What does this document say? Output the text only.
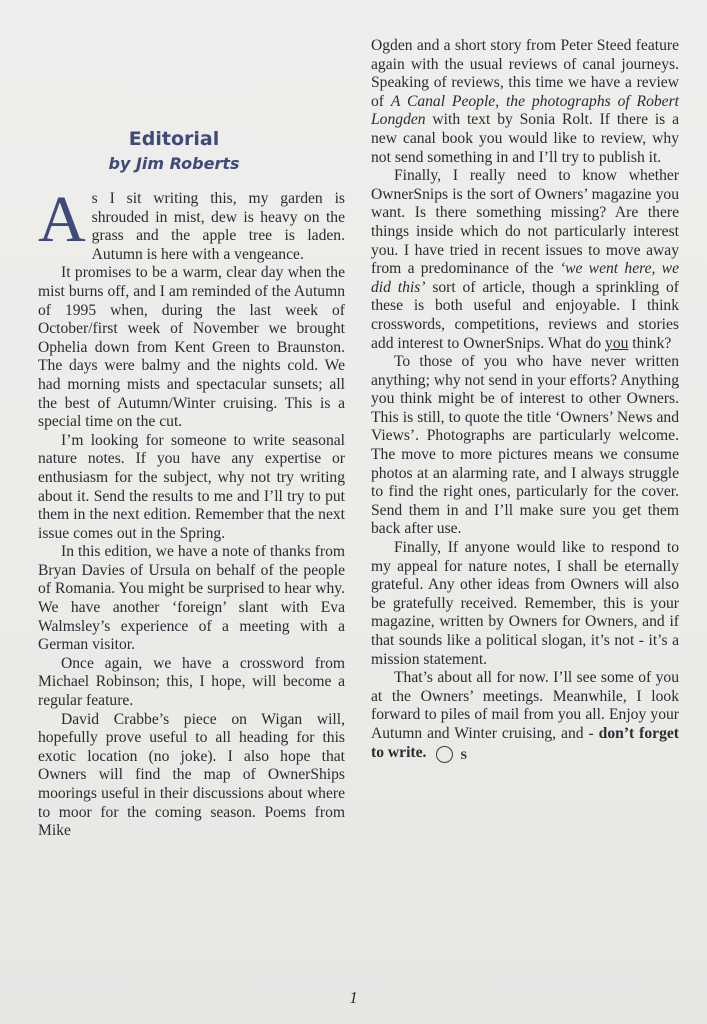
Editorial
by Jim Roberts

As I sit writing this, my garden is shrouded in mist, dew is heavy on the grass and the apple tree is laden. Autumn is here with a vengeance.

It promises to be a warm, clear day when the mist burns off, and I am reminded of the Autumn of 1995 when, during the last week of October/first week of November we brought Ophelia down from Kent Green to Braunston. The days were balmy and the nights cold. We had morning mists and spectacular sunsets; all the best of Autumn/Winter cruising. This is a special time on the cut.

I’m looking for someone to write seasonal nature notes. If you have any expertise or enthusiasm for the subject, why not try writing about it. Send the results to me and I’ll try to put them in the next edition. Remember that the next issue comes out in the Spring.

In this edition, we have a note of thanks from Bryan Davies of Ursula on behalf of the people of Romania. You might be surprised to hear why. We have another ‘foreign’ slant with Eva Walmsley’s experience of a meeting with a German visitor.

Once again, we have a crossword from Michael Robinson; this, I hope, will become a regular feature.

David Crabbe’s piece on Wigan will, hopefully prove useful to all heading for this exotic location (no joke). I also hope that Owners will find the map of OwnerShips moorings useful in their discussions about where to moor for the coming season. Poems from Mike

Ogden and a short story from Peter Steed feature again with the usual reviews of canal journeys. Speaking of reviews, this time we have a review of A Canal People, the photographs of Robert Longden with text by Sonia Rolt. If there is a new canal book you would like to review, why not send something in and I’ll try to publish it.

Finally, I really need to know whether OwnerSnips is the sort of Owners’ magazine you want. Is there something missing? Are there things inside which do not particularly interest you. I have tried in recent issues to move away from a predominance of the ‘we went here, we did this’ sort of article, though a sprinkling of these is both useful and enjoyable. I think crosswords, competitions, reviews and stories add interest to OwnerSnips. What do you think?

To those of you who have never written anything; why not send in your efforts? Anything you think might be of interest to other Owners. This is still, to quote the title ‘Owners’ News and Views’. Photographs are particularly welcome. The move to more pictures means we consume photos at an alarming rate, and I always struggle to find the right ones, particularly for the cover. Send them in and I’ll make sure you get them back after use.

Finally, If anyone would like to respond to my appeal for nature notes, I shall be eternally grateful. Any other ideas from Owners will also be gratefully received. Remember, this is your magazine, written by Owners for Owners, and if that sounds like a political slogan, it’s not - it’s a mission statement.

That’s about all for now. I’ll see some of you at the Owners’ meetings. Meanwhile, I look forward to piles of mail from you all. Enjoy your Autumn and Winter cruising, and - don’t forget to write.	S

1
